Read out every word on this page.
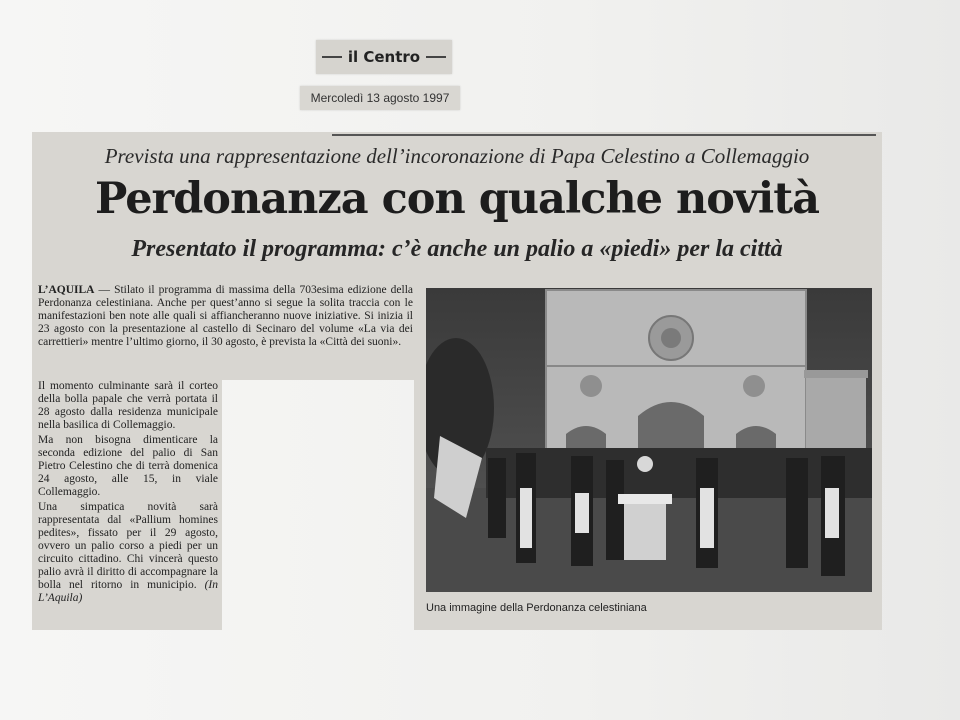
il Centro
Mercoledì 13 agosto 1997
Prevista una rappresentazione dell’incoronazione di Papa Celestino a Collemaggio
Perdonanza con qualche novità
Presentato il programma: c’è anche un palio a «piedi» per la città

L’AQUILA — Stilato il programma di massima della 703esima edizione della Perdonanza celestiniana. Anche per quest’anno si segue la solita traccia con le manifestazioni ben note alle quali si affiancheranno nuove iniziative. Si inizia il 23 agosto con la presentazione al castello di Secinaro del volume «La via dei carrettieri» mentre l’ultimo giorno, il 30 agosto, è prevista la «Città dei suoni».

Il momento culminante sarà il corteo della bolla papale che verrà portata il 28 agosto dalla residenza municipale nella basilica di Collemaggio.

Ma non bisogna dimenticare la seconda edizione del palio di San Pietro Celestino che di terrà domenica 24 agosto, alle 15, in viale Collemaggio.

Una simpatica novità sarà rappresentata dal «Pallium homines pedites», fissato per il 29 agosto, ovvero un palio corso a piedi per un circuito cittadino. Chi vincerà questo palio avrà il diritto di accompagnare la bolla nel ritorno in municipio. (In L’Aquila)

Una immagine della Perdonanza celestiniana
